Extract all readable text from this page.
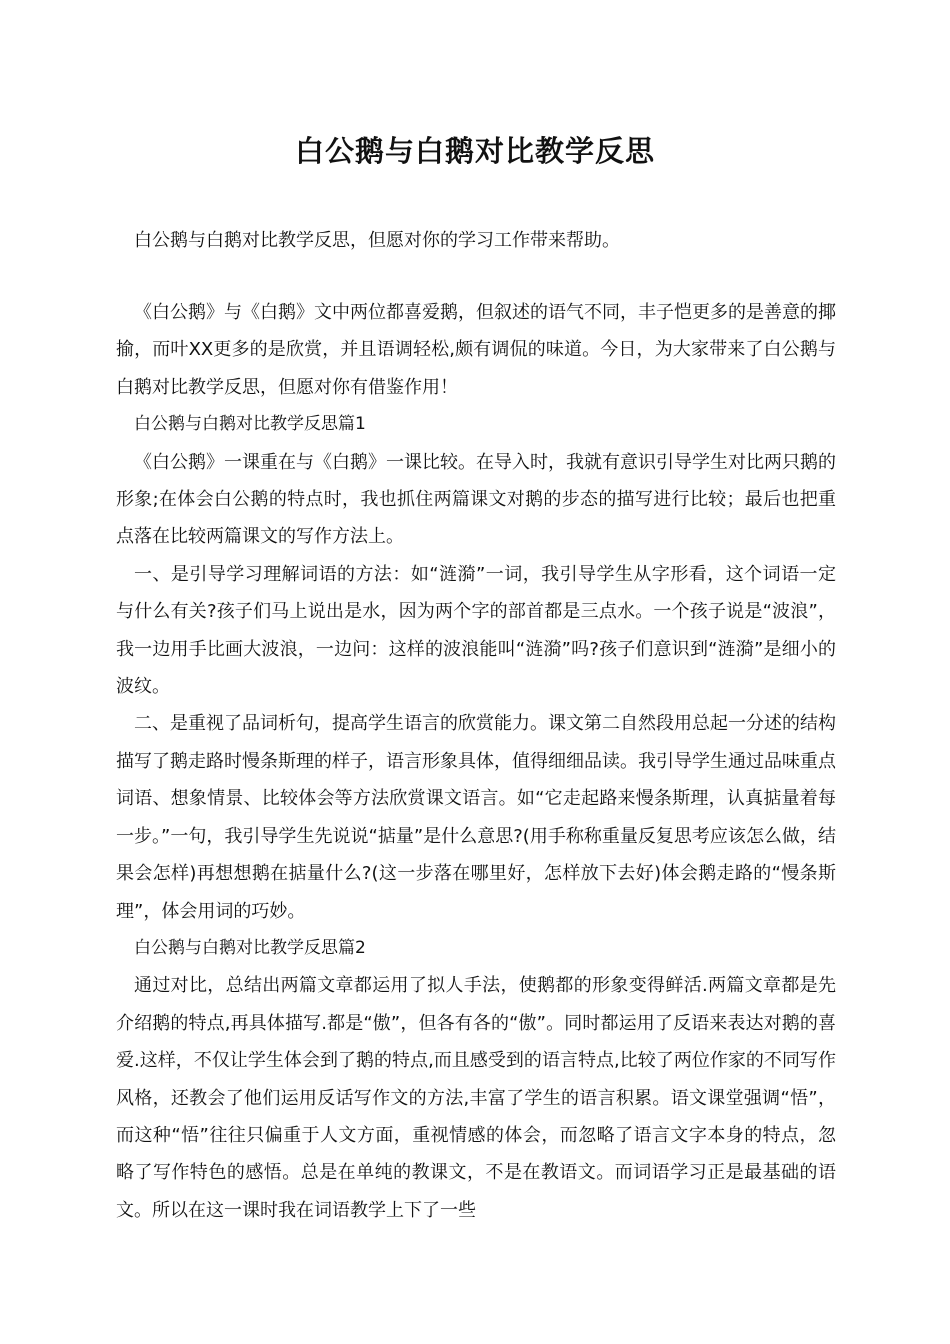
白公鹅与白鹅对比教学反思
白公鹅与白鹅对比教学反思，但愿对你的学习工作带来帮助。

《白公鹅》与《白鹅》文中两位都喜爱鹅，但叙述的语气不同，丰子恺更多的是善意的揶揄，而叶XX更多的是欣赏，并且语调轻松,颇有调侃的味道。今日，为大家带来了白公鹅与白鹅对比教学反思，但愿对你有借鉴作用！

白公鹅与白鹅对比教学反思篇1

《白公鹅》一课重在与《白鹅》一课比较。在导入时，我就有意识引导学生对比两只鹅的形象;在体会白公鹅的特点时，我也抓住两篇课文对鹅的步态的描写进行比较；最后也把重点落在比较两篇课文的写作方法上。

一、是引导学习理解词语的方法：如“涟漪”一词，我引导学生从字形看，这个词语一定与什么有关?孩子们马上说出是水，因为两个字的部首都是三点水。一个孩子说是“波浪”，我一边用手比画大波浪，一边问：这样的波浪能叫“涟漪”吗?孩子们意识到“涟漪”是细小的波纹。

二、是重视了品词析句，提高学生语言的欣赏能力。课文第二自然段用总起一分述的结构描写了鹅走路时慢条斯理的样子，语言形象具体，值得细细品读。我引导学生通过品味重点词语、想象情景、比较体会等方法欣赏课文语言。如“它走起路来慢条斯理，认真掂量着每一步。”一句，我引导学生先说说“掂量”是什么意思?(用手称称重量反复思考应该怎么做，结果会怎样)再想想鹅在掂量什么?(这一步落在哪里好，怎样放下去好)体会鹅走路的“慢条斯理”，体会用词的巧妙。

白公鹅与白鹅对比教学反思篇2

通过对比，总结出两篇文章都运用了拟人手法，使鹅都的形象变得鲜活.两篇文章都是先介绍鹅的特点,再具体描写.都是“傲”，但各有各的“傲”。同时都运用了反语来表达对鹅的喜爱.这样，不仅让学生体会到了鹅的特点,而且感受到的语言特点,比较了两位作家的不同写作风格，还教会了他们运用反话写作文的方法,丰富了学生的语言积累。语文课堂强调“悟”，而这种“悟”往往只偏重于人文方面，重视情感的体会，而忽略了语言文字本身的特点，忽略了写作特色的感悟。总是在单纯的教课文，不是在教语文。而词语学习正是最基础的语文。所以在这一课时我在词语教学上下了一些
